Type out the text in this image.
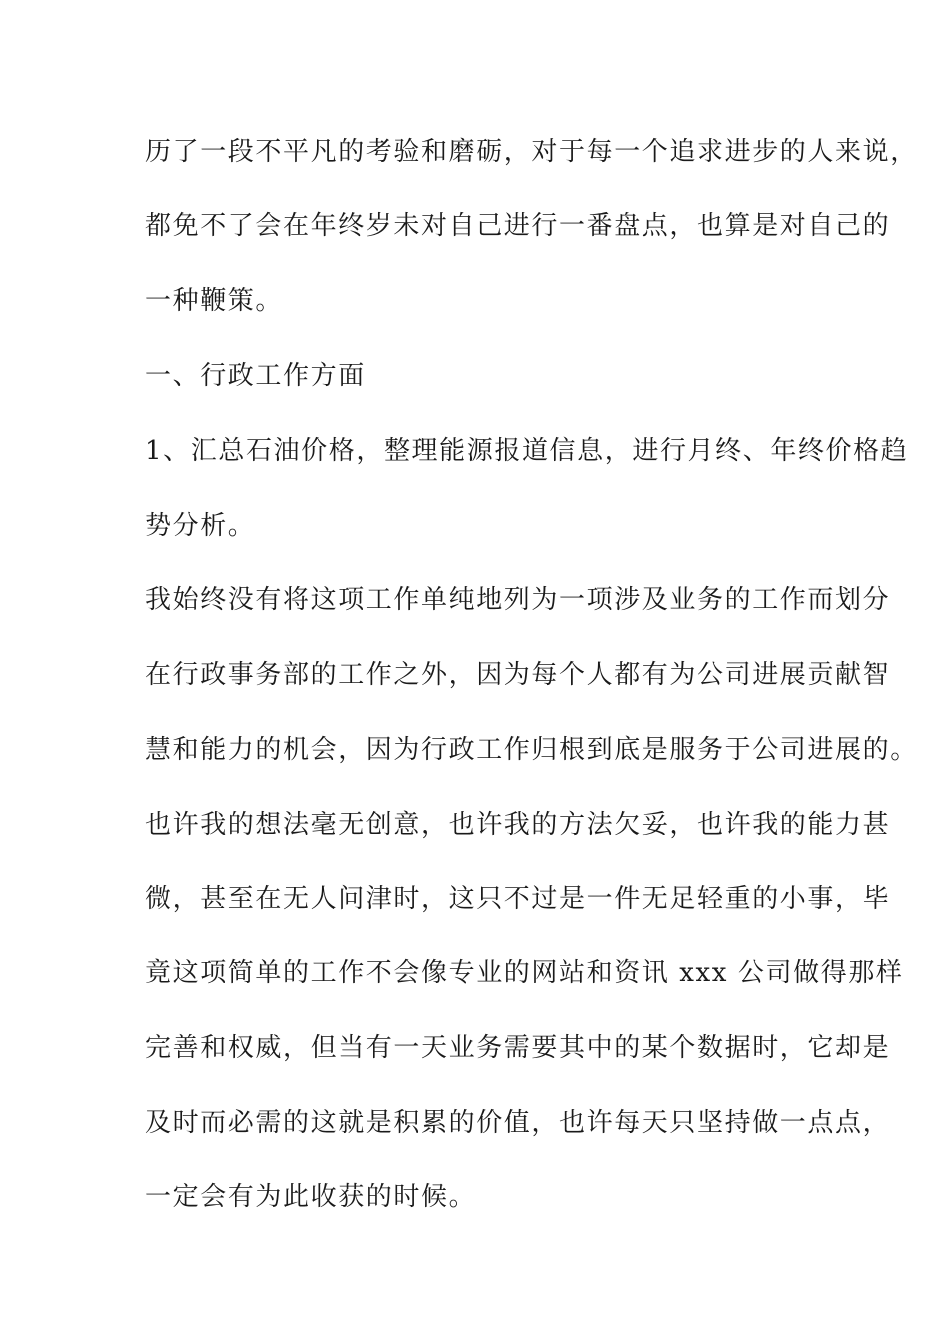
历了一段不平凡的考验和磨砺，对于每一个追求进步的人来说，
都免不了会在年终岁未对自己进行一番盘点，也算是对自己的
一种鞭策。
一、行政工作方面
1、汇总石油价格，整理能源报道信息，进行月终、年终价格趋
势分析。
我始终没有将这项工作单纯地列为一项涉及业务的工作而划分
在行政事务部的工作之外，因为每个人都有为公司进展贡献智
慧和能力的机会，因为行政工作归根到底是服务于公司进展的。
也许我的想法毫无创意，也许我的方法欠妥，也许我的能力甚
微，甚至在无人问津时，这只不过是一件无足轻重的小事，毕
竟这项简单的工作不会像专业的网站和资讯 xxx 公司做得那样
完善和权威，但当有一天业务需要其中的某个数据时，它却是
及时而必需的这就是积累的价值，也许每天只坚持做一点点，
一定会有为此收获的时候。
